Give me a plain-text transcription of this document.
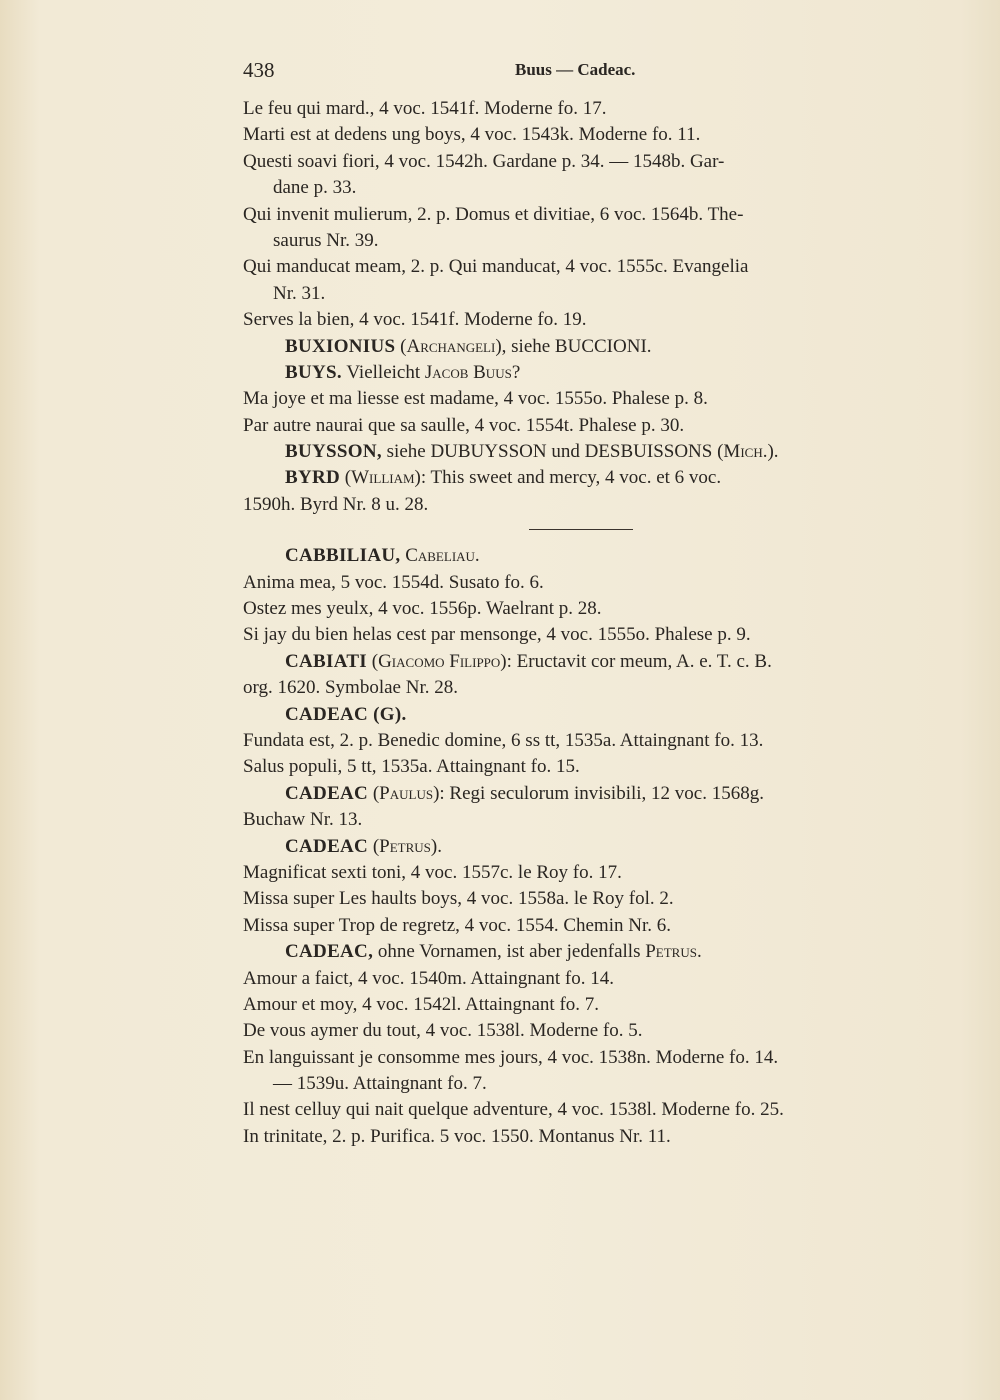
438	Buus — Cadeac.
Le feu qui mard., 4 voc. 1541f. Moderne fo. 17.
Marti est at dedens ung boys, 4 voc. 1543k. Moderne fo. 11.
Questi soavi fiori, 4 voc. 1542h. Gardane p. 34. — 1548b. Gar-
dane p. 33.
Qui invenit mulierum, 2. p. Domus et divitiae, 6 voc. 1564b. The-
saurus Nr. 39.
Qui manducat meam, 2. p. Qui manducat, 4 voc. 1555c. Evangelia
Nr. 31.
Serves la bien, 4 voc. 1541f. Moderne fo. 19.
BUXIONIUS (Archangeli), siehe BUCCIONI.
BUYS. Vielleicht Jacob Buus?
Ma joye et ma liesse est madame, 4 voc. 1555o. Phalese p. 8.
Par autre naurai que sa saulle, 4 voc. 1554t. Phalese p. 30.
BUYSSON, siehe DUBUYSSON und DESBUISSONS (Mich.).
BYRD (William): This sweet and mercy, 4 voc. et 6 voc.
1590h. Byrd Nr. 8 u. 28.
CABBILIAU, Cabeliau.
Anima mea, 5 voc. 1554d. Susato fo. 6.
Ostez mes yeulx, 4 voc. 1556p. Waelrant p. 28.
Si jay du bien helas cest par mensonge, 4 voc. 1555o. Phalese p. 9.
CABIATI (Giacomo Filippo): Eructavit cor meum, A. e. T. c. B.
org. 1620. Symbolae Nr. 28.
CADEAC (G).
Fundata est, 2. p. Benedic domine, 6 ss tt, 1535a. Attaingnant fo. 13.
Salus populi, 5 tt, 1535a. Attaingnant fo. 15.
CADEAC (Paulus): Regi seculorum invisibili, 12 voc. 1568g.
Buchaw Nr. 13.
CADEAC (Petrus).
Magnificat sexti toni, 4 voc. 1557c. le Roy fo. 17.
Missa super Les haults boys, 4 voc. 1558a. le Roy fol. 2.
Missa super Trop de regretz, 4 voc. 1554. Chemin Nr. 6.
CADEAC, ohne Vornamen, ist aber jedenfalls Petrus.
Amour a faict, 4 voc. 1540m. Attaingnant fo. 14.
Amour et moy, 4 voc. 1542l. Attaingnant fo. 7.
De vous aymer du tout, 4 voc. 1538l. Moderne fo. 5.
En languissant je consomme mes jours, 4 voc. 1538n. Moderne fo. 14.
— 1539u. Attaingnant fo. 7.
Il nest celluy qui nait quelque adventure, 4 voc. 1538l. Moderne fo. 25.
In trinitate, 2. p. Purifica. 5 voc. 1550. Montanus Nr. 11.
